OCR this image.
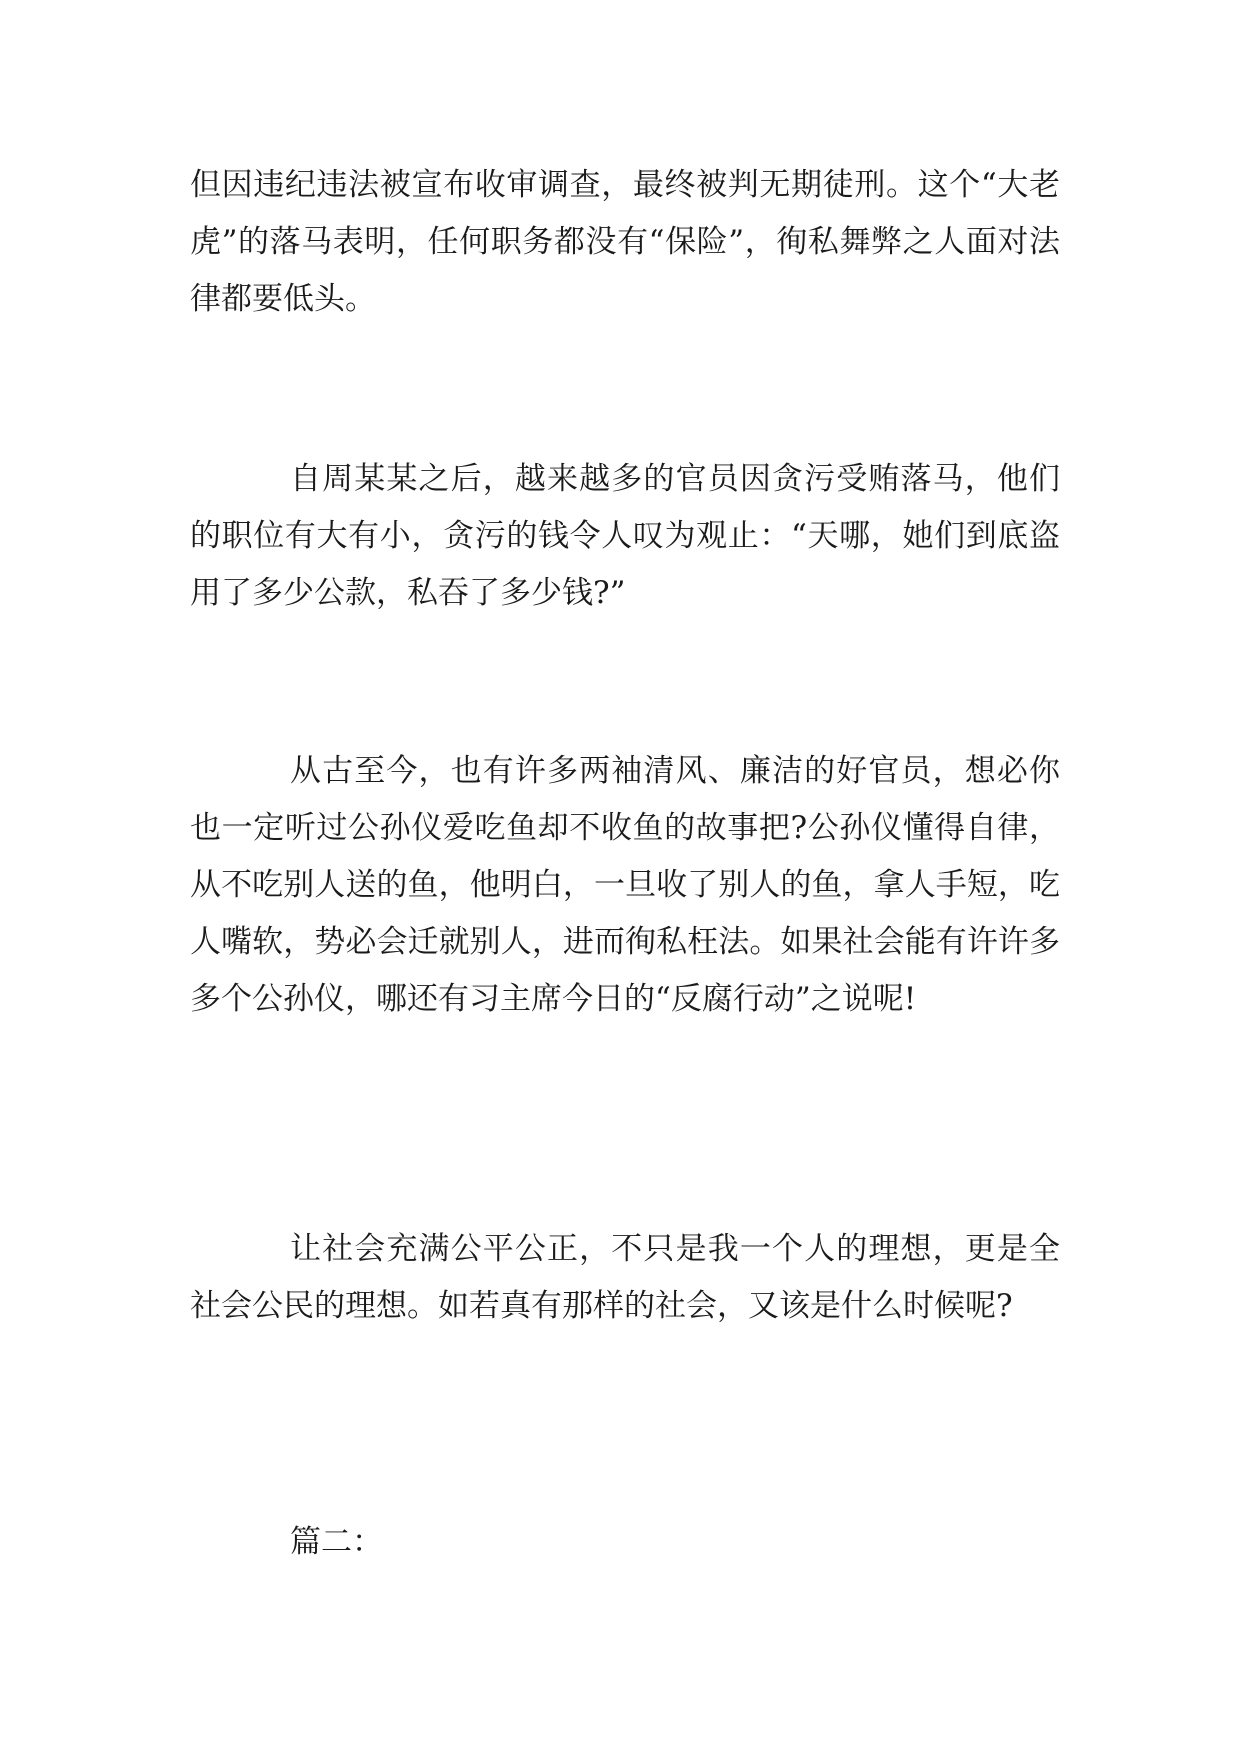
但因违纪违法被宣布收审调查，最终被判无期徒刑。这个“大老虎”的落马表明，任何职务都没有“保险”，徇私舞弊之人面对法律都要低头。

自周某某之后，越来越多的官员因贪污受贿落马，他们的职位有大有小，贪污的钱令人叹为观止：“天哪，她们到底盗用了多少公款，私吞了多少钱?”

从古至今，也有许多两袖清风、廉洁的好官员，想必你也一定听过公孙仪爱吃鱼却不收鱼的故事把?公孙仪懂得自律，从不吃别人送的鱼，他明白，一旦收了别人的鱼，拿人手短，吃人嘴软，势必会迁就别人，进而徇私枉法。如果社会能有许许多多个公孙仪，哪还有习主席今日的“反腐行动”之说呢!

让社会充满公平公正，不只是我一个人的理想，更是全社会公民的理想。如若真有那样的社会，又该是什么时候呢?

篇二：
